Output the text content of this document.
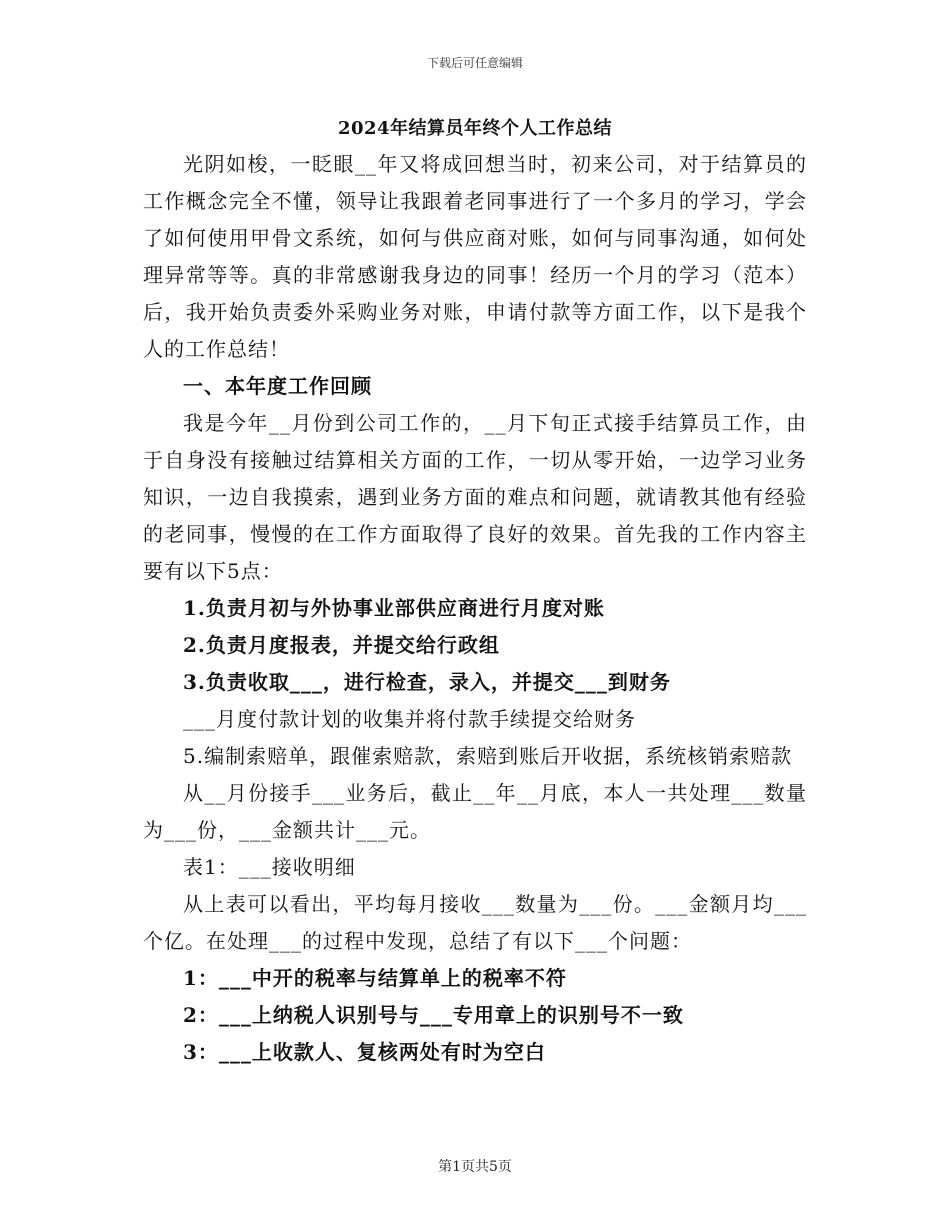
下载后可任意编辑
2024年结算员年终个人工作总结

光阴如梭，一眨眼__年又将成回想当时，初来公司，对于结算员的工作概念完全不懂，领导让我跟着老同事进行了一个多月的学习，学会了如何使用甲骨文系统，如何与供应商对账，如何与同事沟通，如何处理异常等等。真的非常感谢我身边的同事！经历一个月的学习（范本）后，我开始负责委外采购业务对账，申请付款等方面工作，以下是我个人的工作总结！

一、本年度工作回顾

我是今年__月份到公司工作的，__月下旬正式接手结算员工作，由于自身没有接触过结算相关方面的工作，一切从零开始，一边学习业务知识，一边自我摸索，遇到业务方面的难点和问题，就请教其他有经验的老同事，慢慢的在工作方面取得了良好的效果。首先我的工作内容主要有以下5点：

1.负责月初与外协事业部供应商进行月度对账

2.负责月度报表，并提交给行政组

3.负责收取___，进行检查，录入，并提交___到财务

___月度付款计划的收集并将付款手续提交给财务

5.编制索赔单，跟催索赔款，索赔到账后开收据，系统核销索赔款

从__月份接手___业务后，截止__年__月底，本人一共处理___数量为___份，___金额共计___元。

表1：___接收明细

从上表可以看出，平均每月接收___数量为___份。___金额月均___个亿。在处理___的过程中发现，总结了有以下___个问题：

1：___中开的税率与结算单上的税率不符

2：___上纳税人识别号与___专用章上的识别号不一致

3：___上收款人、复核两处有时为空白

第1页共5页
